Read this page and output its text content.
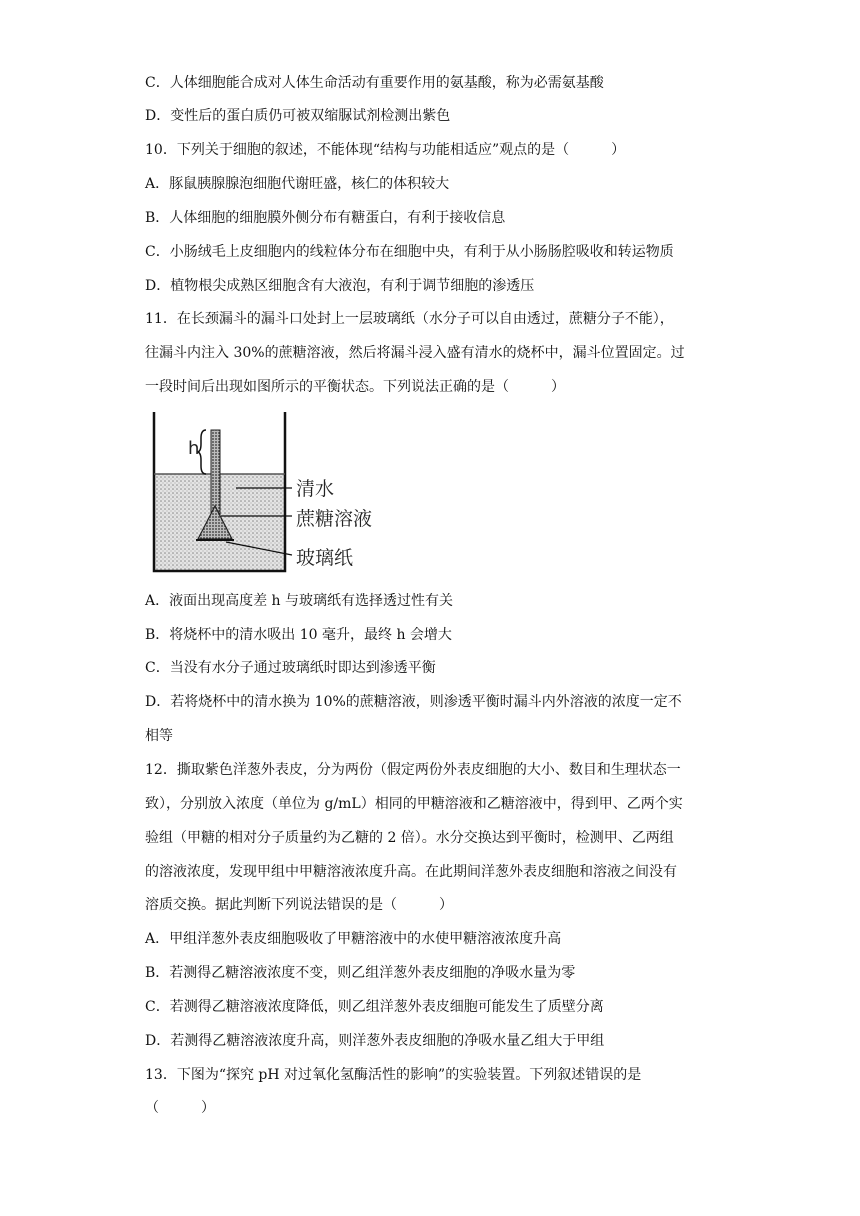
C．人体细胞能合成对人体生命活动有重要作用的氨基酸，称为必需氨基酸
D．变性后的蛋白质仍可被双缩脲试剂检测出紫色
10．下列关于细胞的叙述，不能体现“结构与功能相适应”观点的是（　　　）
A．豚鼠胰腺腺泡细胞代谢旺盛，核仁的体积较大
B．人体细胞的细胞膜外侧分布有糖蛋白，有利于接收信息
C．小肠绒毛上皮细胞内的线粒体分布在细胞中央，有利于从小肠肠腔吸收和转运物质
D．植物根尖成熟区细胞含有大液泡，有利于调节细胞的渗透压
11．在长颈漏斗的漏斗口处封上一层玻璃纸（水分子可以自由透过，蔗糖分子不能），
往漏斗内注入 30%的蔗糖溶液，然后将漏斗浸入盛有清水的烧杯中，漏斗位置固定。过
一段时间后出现如图所示的平衡状态。下列说法正确的是（　　　）
h
清水
蔗糖溶液
玻璃纸
A．液面出现高度差 h 与玻璃纸有选择透过性有关
B．将烧杯中的清水吸出 10 毫升，最终 h 会增大
C．当没有水分子通过玻璃纸时即达到渗透平衡
D．若将烧杯中的清水换为 10%的蔗糖溶液，则渗透平衡时漏斗内外溶液的浓度一定不
相等
12．撕取紫色洋葱外表皮，分为两份（假定两份外表皮细胞的大小、数目和生理状态一
致），分别放入浓度（单位为 g/mL）相同的甲糖溶液和乙糖溶液中，得到甲、乙两个实
验组（甲糖的相对分子质量约为乙糖的 2 倍）。水分交换达到平衡时，检测甲、乙两组
的溶液浓度，发现甲组中甲糖溶液浓度升高。在此期间洋葱外表皮细胞和溶液之间没有
溶质交换。据此判断下列说法错误的是（　　　）
A．甲组洋葱外表皮细胞吸收了甲糖溶液中的水使甲糖溶液浓度升高
B．若测得乙糖溶液浓度不变，则乙组洋葱外表皮细胞的净吸水量为零
C．若测得乙糖溶液浓度降低，则乙组洋葱外表皮细胞可能发生了质壁分离
D．若测得乙糖溶液浓度升高，则洋葱外表皮细胞的净吸水量乙组大于甲组
13．下图为“探究 pH 对过氧化氢酶活性的影响”的实验装置。下列叙述错误的是
（　　　）
